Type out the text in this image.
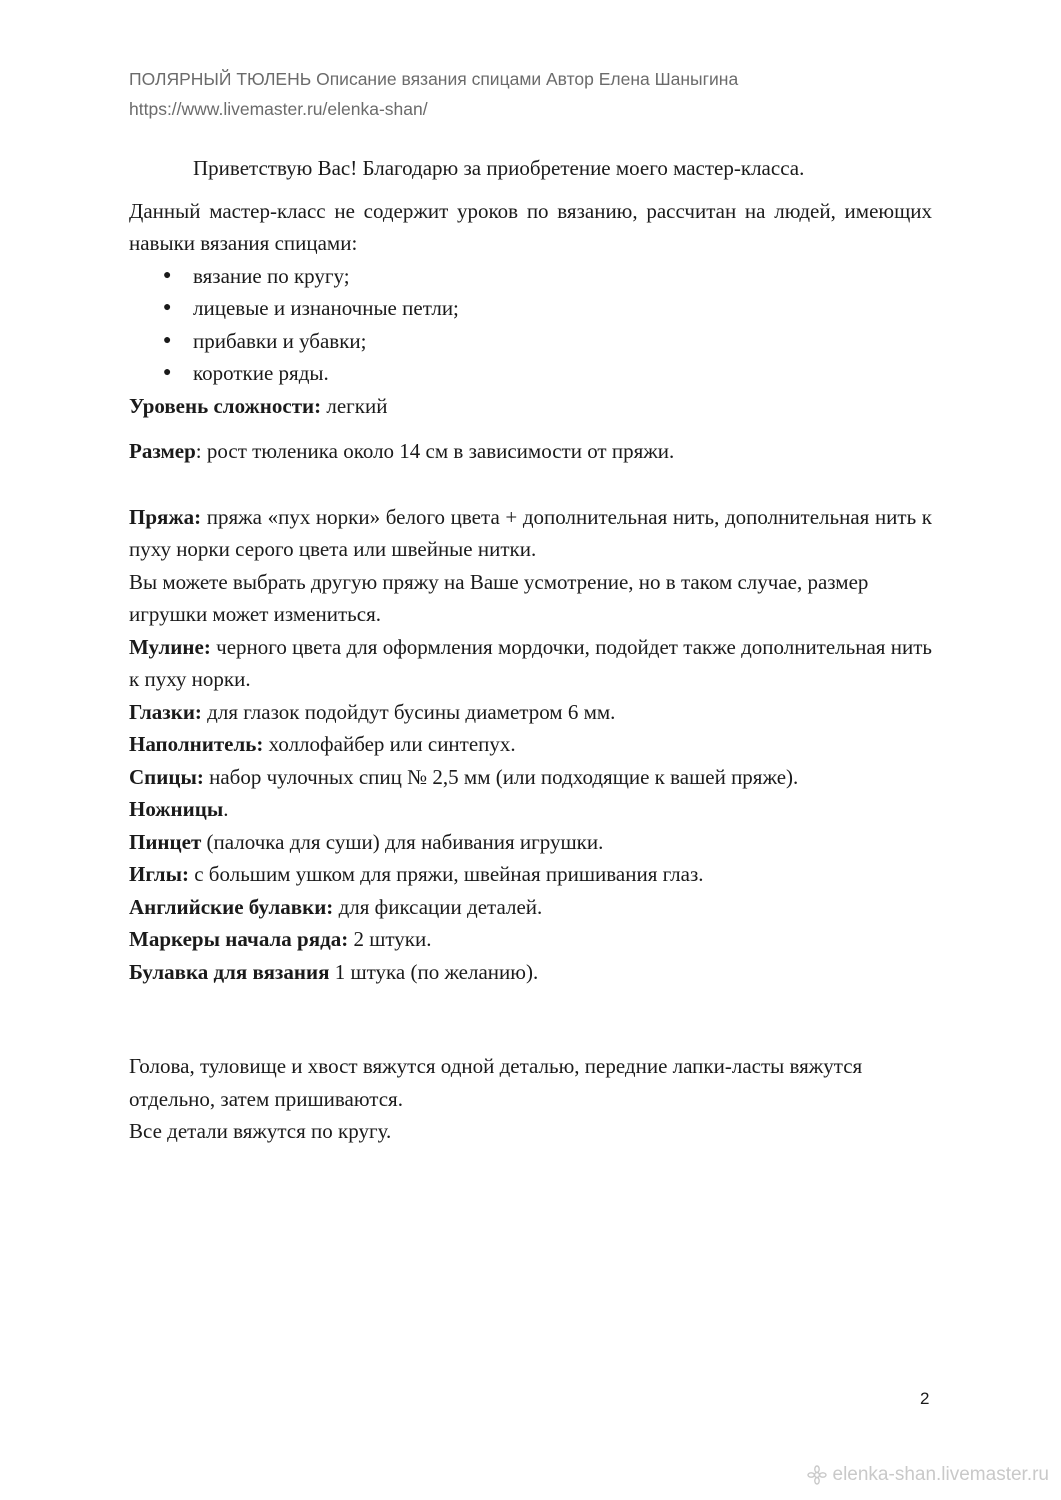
ПОЛЯРНЫЙ ТЮЛЕНЬ Описание вязания спицами Автор Елена Шаныгина
https://www.livemaster.ru/elenka-shan/

Приветствую Вас! Благодарю за приобретение моего мастер-класса.

Данный мастер-класс не содержит уроков по вязанию, рассчитан на людей, имеющих навыки вязания спицами:

● вязание по кругу;
● лицевые и изнаночные петли;
● прибавки и убавки;
● короткие ряды.

Уровень сложности: легкий

Размер: рост тюленика около 14 см в зависимости от пряжи.

Пряжа: пряжа «пух норки» белого цвета + дополнительная нить, дополнительная нить к пуху норки серого цвета или швейные нитки.

Вы можете выбрать другую пряжу на Ваше усмотрение, но в таком случае, размер игрушки может измениться.

Мулине: черного цвета для оформления мордочки, подойдет также дополнительная нить к пуху норки.

Глазки: для глазок подойдут бусины диаметром 6 мм.

Наполнитель: холлофайбер или синтепух.

Спицы: набор чулочных спиц № 2,5 мм (или подходящие к вашей пряже).

Ножницы.

Пинцет (палочка для суши) для набивания игрушки.

Иглы: с большим ушком для пряжи, швейная пришивания глаз.

Английские булавки: для фиксации деталей.

Маркеры начала ряда: 2 штуки.

Булавка для вязания 1 штука (по желанию).

Голова, туловище и хвост вяжутся одной деталью, передние лапки-ласты вяжутся отдельно, затем пришиваются.

Все детали вяжутся по кругу.

2
elenka-shan.livemaster.ru
